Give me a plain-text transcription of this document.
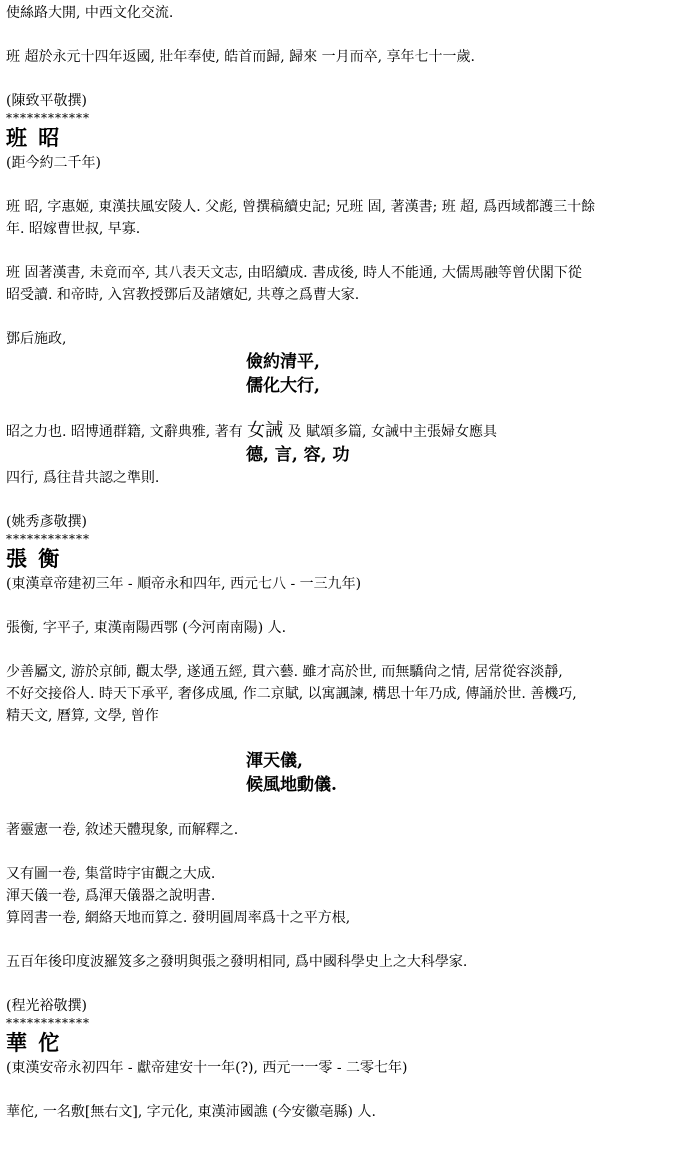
使絲路大開, 中西文化交流.

班 超於永元十四年返國, 壯年奉使, 皓首而歸, 歸來 一月而卒, 享年七十一歲.

(陳致平敬撰)

************

班 昭

(距今約二千年)

班 昭, 字惠姬, 東漢扶風安陵人. 父彪, 曾撰稿續史記; 兄班 固, 著漢書; 班 超, 爲西域都護三十餘

年. 昭嫁曹世叔, 早寡.

班 固著漢書, 未竟而卒, 其八表天文志, 由昭續成. 書成後, 時人不能通, 大儒馬融等曾伏閣下從

昭受讀. 和帝時, 入宮教授鄧后及諸嬪妃, 共尊之爲曹大家.

鄧后施政,

儉約清平,

儒化大行,

昭之力也. 昭博通群籍, 文辭典雅, 著有 女誡 及 賦頌多篇, 女誡中主張婦女應具

德, 言, 容, 功

四行, 爲往昔共認之準則.

(姚秀彥敬撰)

************

張 衡

(東漢章帝建初三年 - 順帝永和四年, 西元七八 - 一三九年)

張衡, 字平子, 東漢南陽西鄂 (今河南南陽) 人.

少善屬文, 游於京師, 觀太學, 遂通五經, 貫六藝. 雖才高於世, 而無驕尙之情, 居常從容淡靜,

不好交接俗人. 時天下承平, 奢侈成風, 作二京賦, 以寓諷諫, 構思十年乃成, 傳誦於世. 善機巧,

精天文, 曆算, 文學, 曾作

渾天儀,

候風地動儀.

著靈憲一卷, 敘述天體現象, 而解釋之.

又有圖一卷, 集當時宇宙觀之大成.

渾天儀一卷, 爲渾天儀器之說明書.

算罔書一卷, 網絡天地而算之. 發明圓周率爲十之平方根,

五百年後印度波羅笈多之發明與張之發明相同, 爲中國科學史上之大科學家.

(程光裕敬撰)

************

華 佗

(東漢安帝永初四年 - 獻帝建安十一年(?), 西元一一零 - 二零七年)

華佗, 一名敷[無右文], 字元化, 東漢沛國譙 (今安徽亳縣) 人.
